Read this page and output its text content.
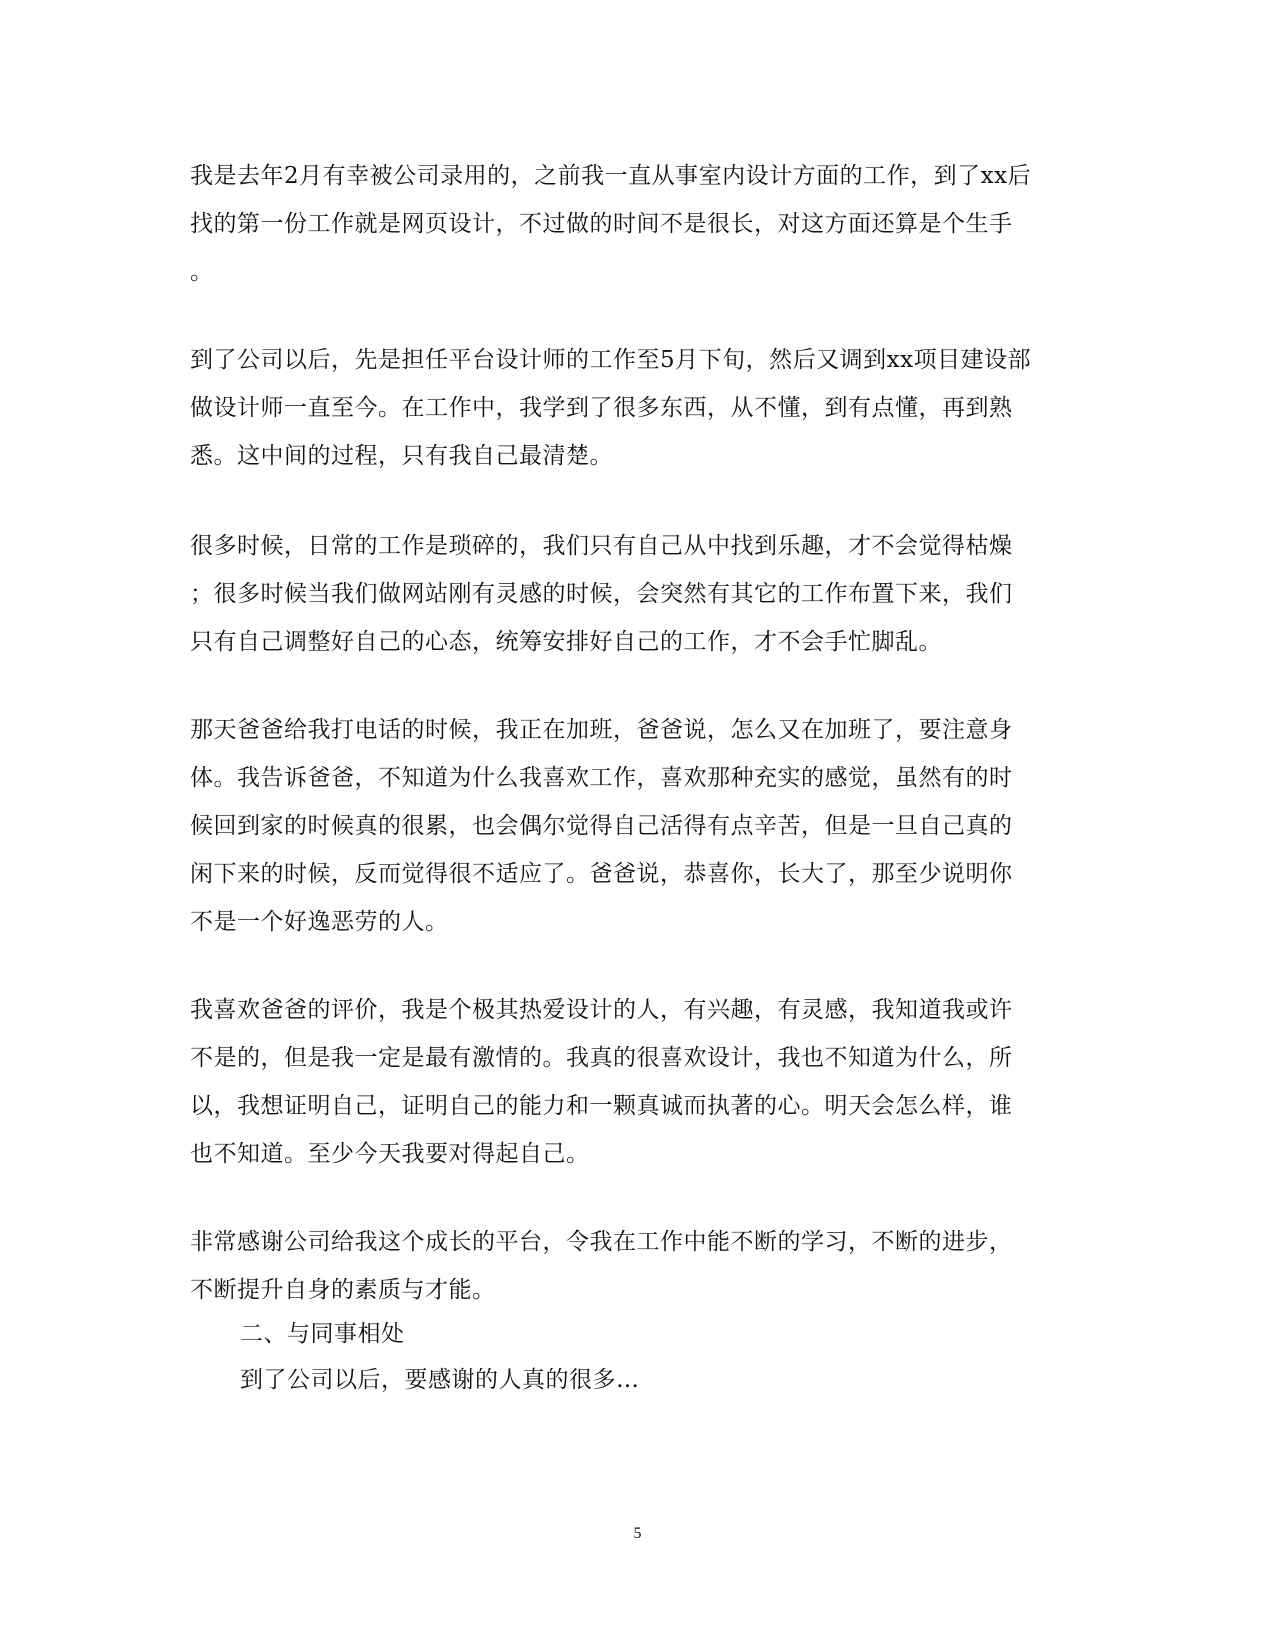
我是去年2月有幸被公司录用的，之前我一直从事室内设计方面的工作，到了xx后
找的第一份工作就是网页设计，不过做的时间不是很长，对这方面还算是个生手
。
到了公司以后，先是担任平台设计师的工作至5月下旬，然后又调到xx项目建设部
做设计师一直至今。在工作中，我学到了很多东西，从不懂，到有点懂，再到熟
悉。这中间的过程，只有我自己最清楚。
很多时候，日常的工作是琐碎的，我们只有自己从中找到乐趣，才不会觉得枯燥
；很多时候当我们做网站刚有灵感的时候，会突然有其它的工作布置下来，我们
只有自己调整好自己的心态，统筹安排好自己的工作，才不会手忙脚乱。
那天爸爸给我打电话的时候，我正在加班，爸爸说，怎么又在加班了，要注意身
体。我告诉爸爸，不知道为什么我喜欢工作，喜欢那种充实的感觉，虽然有的时
候回到家的时候真的很累，也会偶尔觉得自己活得有点辛苦，但是一旦自己真的
闲下来的时候，反而觉得很不适应了。爸爸说，恭喜你，长大了，那至少说明你
不是一个好逸恶劳的人。
我喜欢爸爸的评价，我是个极其热爱设计的人，有兴趣，有灵感，我知道我或许
不是的，但是我一定是最有激情的。我真的很喜欢设计，我也不知道为什么，所
以，我想证明自己，证明自己的能力和一颗真诚而执著的心。明天会怎么样，谁
也不知道。至少今天我要对得起自己。
非常感谢公司给我这个成长的平台，令我在工作中能不断的学习，不断的进步，
不断提升自身的素质与才能。
二、与同事相处
到了公司以后，要感谢的人真的很多…
5
